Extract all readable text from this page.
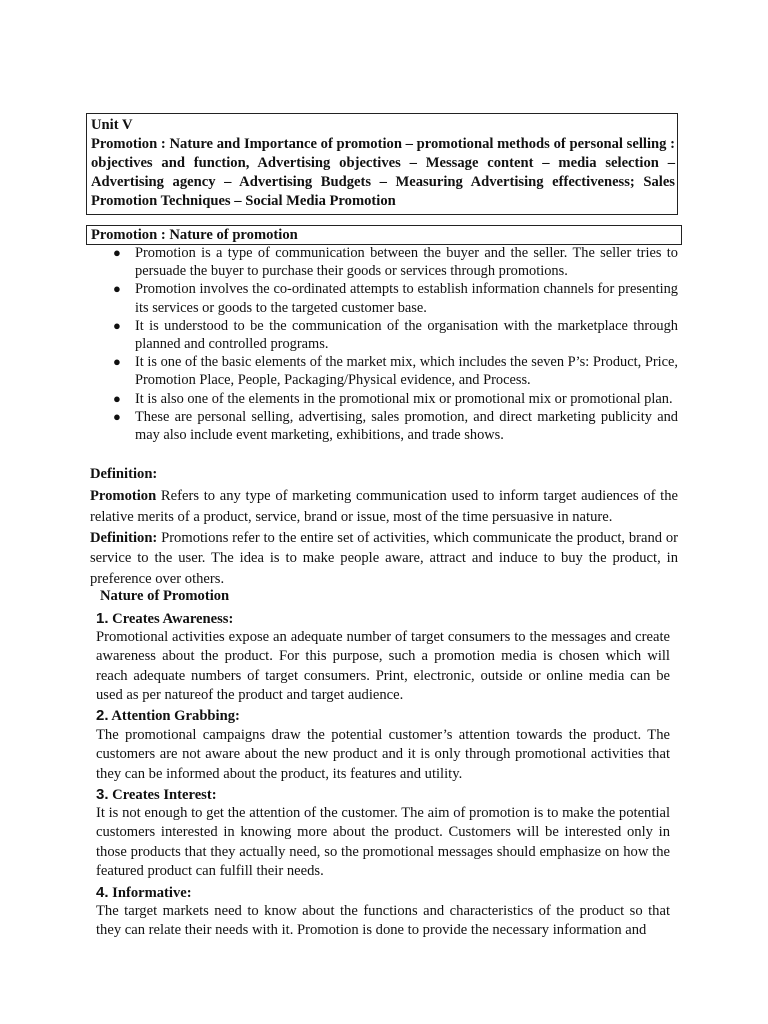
Unit V
Promotion : Nature and Importance of promotion – promotional methods of personal selling : objectives and function, Advertising objectives – Message content – media selection – Advertising agency – Advertising Budgets – Measuring Advertising effectiveness; Sales Promotion Techniques – Social Media Promotion
Promotion : Nature of promotion
● Promotion is a type of communication between the buyer and the seller. The seller tries to persuade the buyer to purchase their goods or services through promotions.
● Promotion involves the co-ordinated attempts to establish information channels for presenting its services or goods to the targeted customer base.
● It is understood to be the communication of the organisation with the marketplace through planned and controlled programs.
● It is one of the basic elements of the market mix, which includes the seven P’s: Product, Price, Promotion Place, People, Packaging/Physical evidence, and Process.
● It is also one of the elements in the promotional mix or promotional mix or promotional plan.
● These are personal selling, advertising, sales promotion, and direct marketing publicity and may also include event marketing, exhibitions, and trade shows.
Definition:
Promotion Refers to any type of marketing communication used to inform target audiences of the relative merits of a product, service, brand or issue, most of the time persuasive in nature.
Definition: Promotions refer to the entire set of activities, which communicate the product, brand or service to the user. The idea is to make people aware, attract and induce to buy the product, in preference over others.
Nature of Promotion
1. Creates Awareness:
Promotional activities expose an adequate number of target consumers to the messages and create awareness about the product. For this purpose, such a promotion media is chosen which will reach adequate numbers of target consumers. Print, electronic, outside or online media can be used as per natureof the product and target audience.
2. Attention Grabbing:
The promotional campaigns draw the potential customer’s attention towards the product. The customers are not aware about the new product and it is only through promotional activities that they can be informed about the product, its features and utility.
3. Creates Interest:
It is not enough to get the attention of the customer. The aim of promotion is to make the potential customers interested in knowing more about the product. Customers will be interested only in those products that they actually need, so the promotional messages should emphasize on how the featured product can fulfill their needs.
4. Informative:
The target markets need to know about the functions and characteristics of the product so that they can relate their needs with it. Promotion is done to provide the necessary information and
